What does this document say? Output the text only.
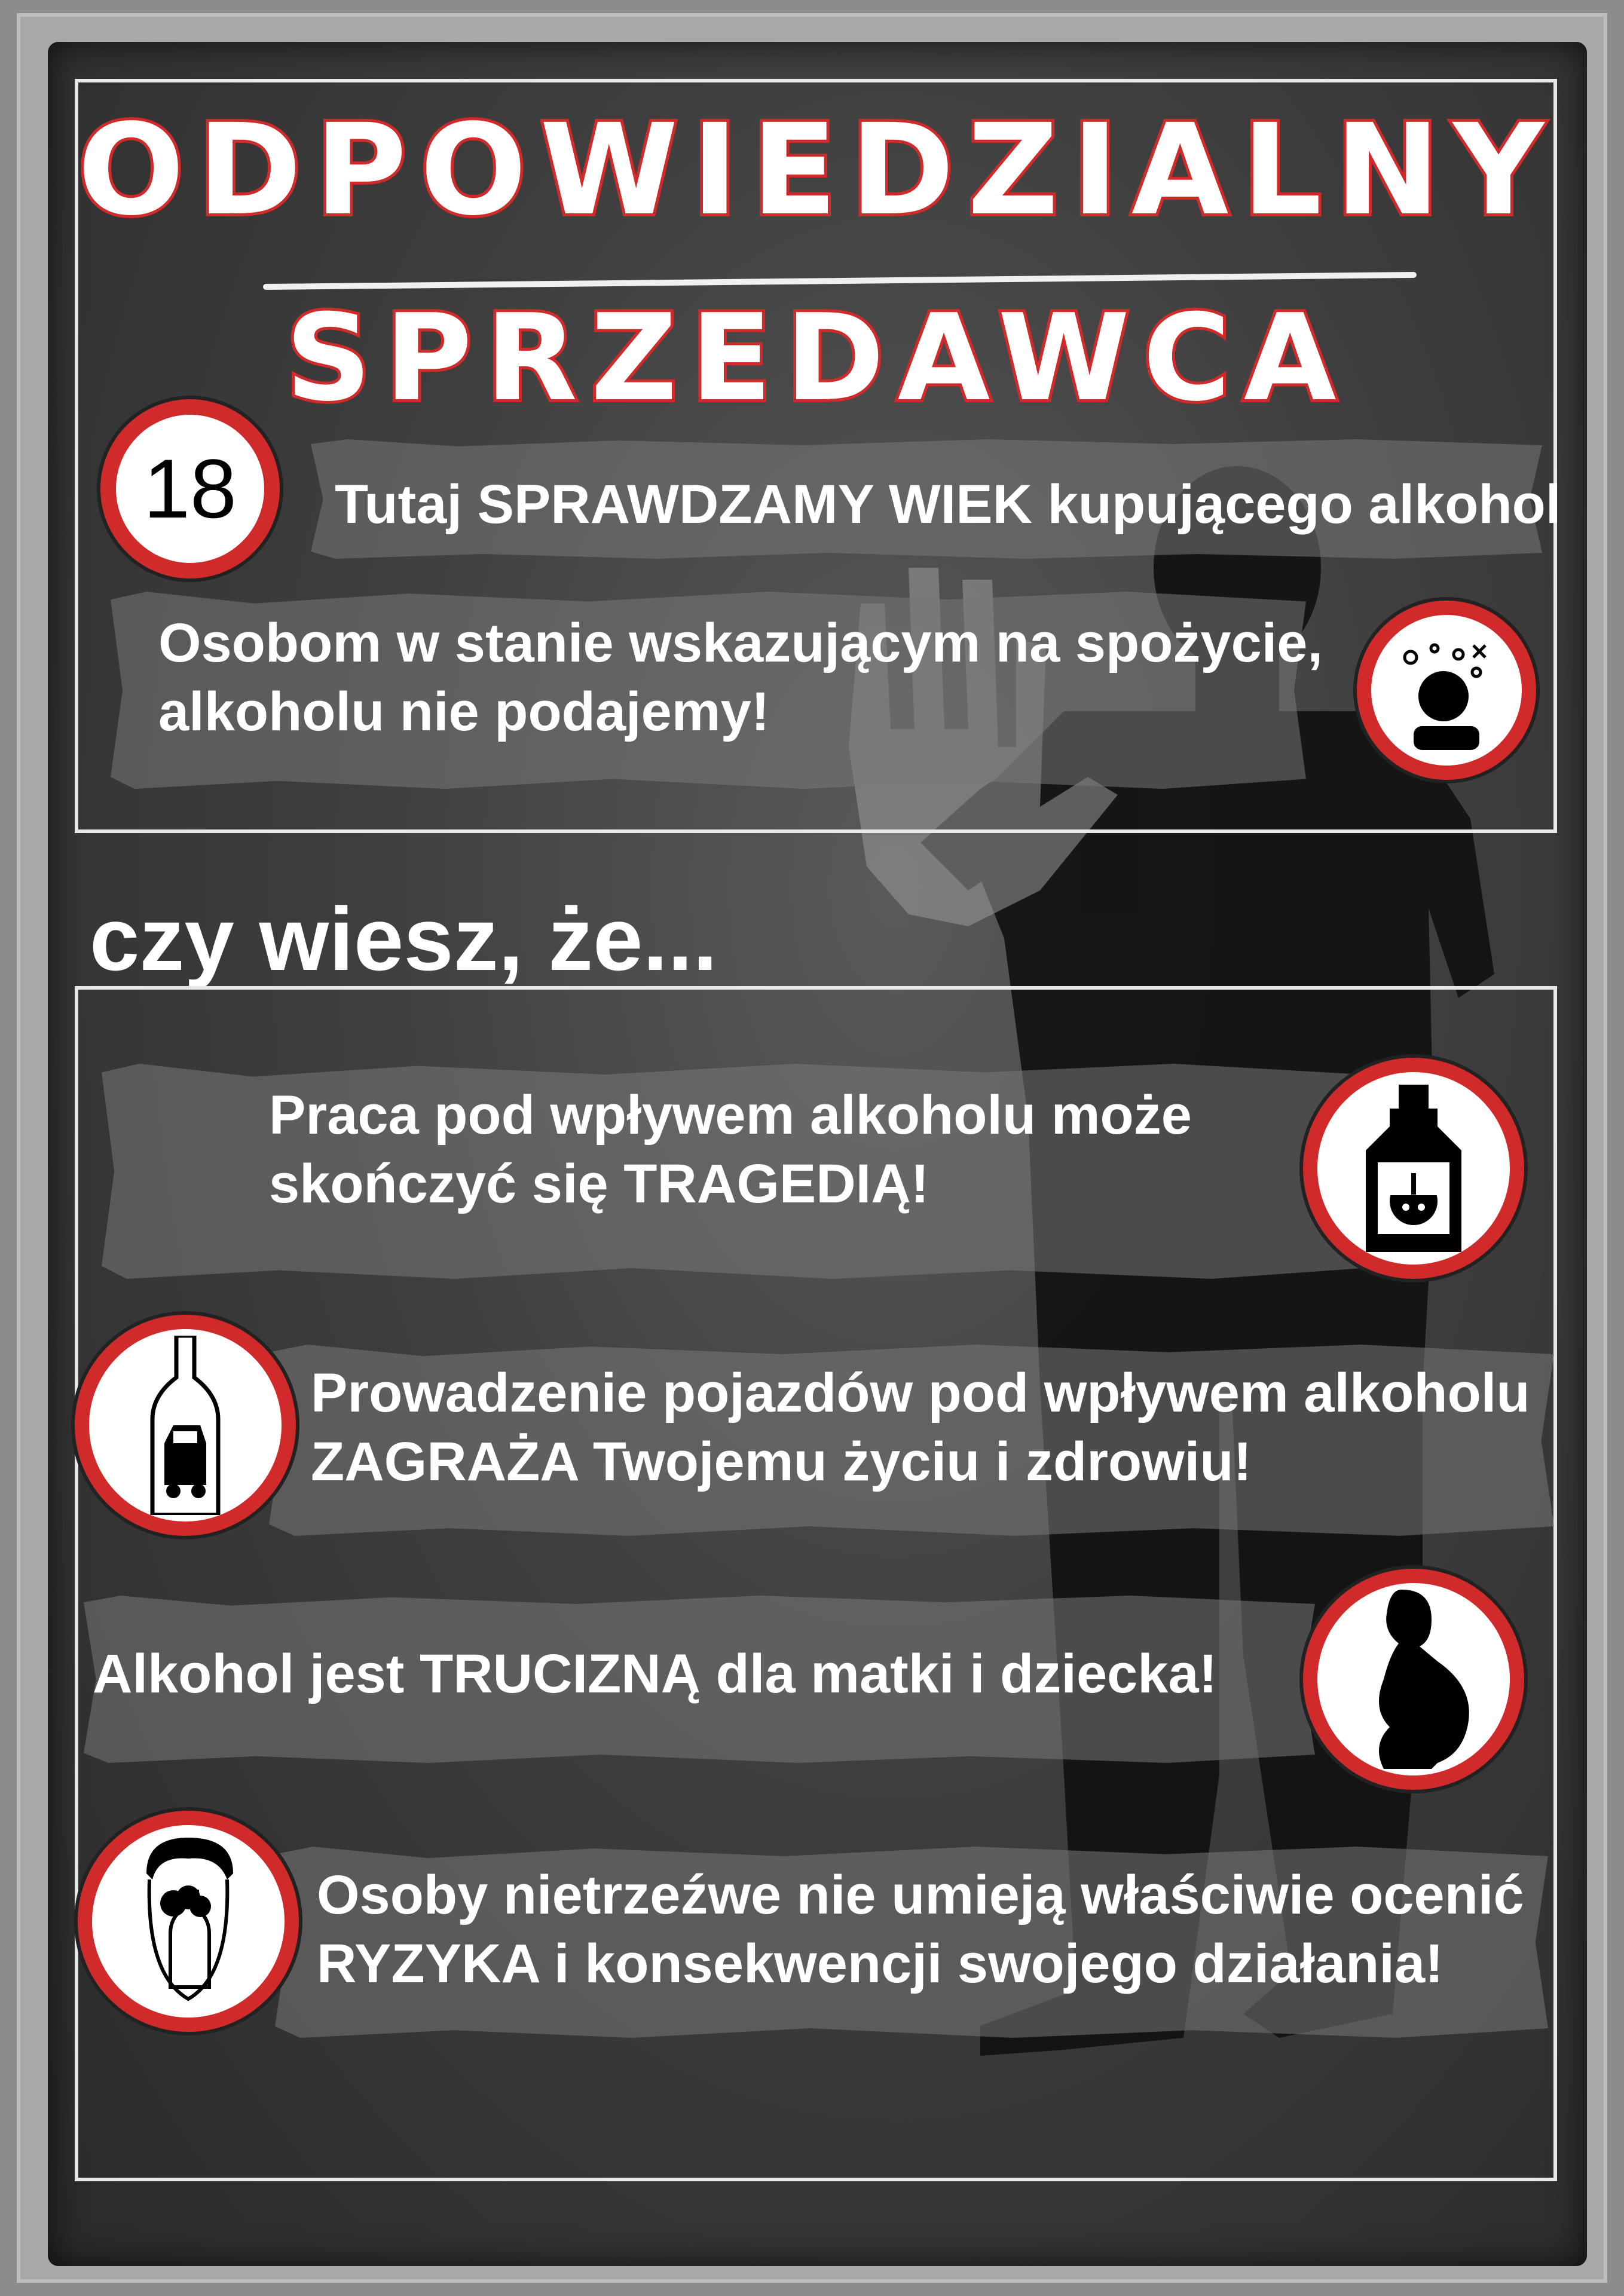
ODPOWIEDZIALNY
SPRZEDAWCA
18 Tutaj SPRAWDZAMY WIEK kupującego alkohol
Osobom w stanie wskazującym na spożycie,
alkoholu nie podajemy!
czy wiesz, że...
Praca pod wpływem alkoholu może
skończyć się TRAGEDIĄ!
Prowadzenie pojazdów pod wpływem alkoholu
ZAGRAŻA Twojemu życiu i zdrowiu!
Alkohol jest TRUCIZNĄ dla matki i dziecka!
Osoby nietrzeźwe nie umieją właściwie ocenić
RYZYKA i konsekwencji swojego działania!
